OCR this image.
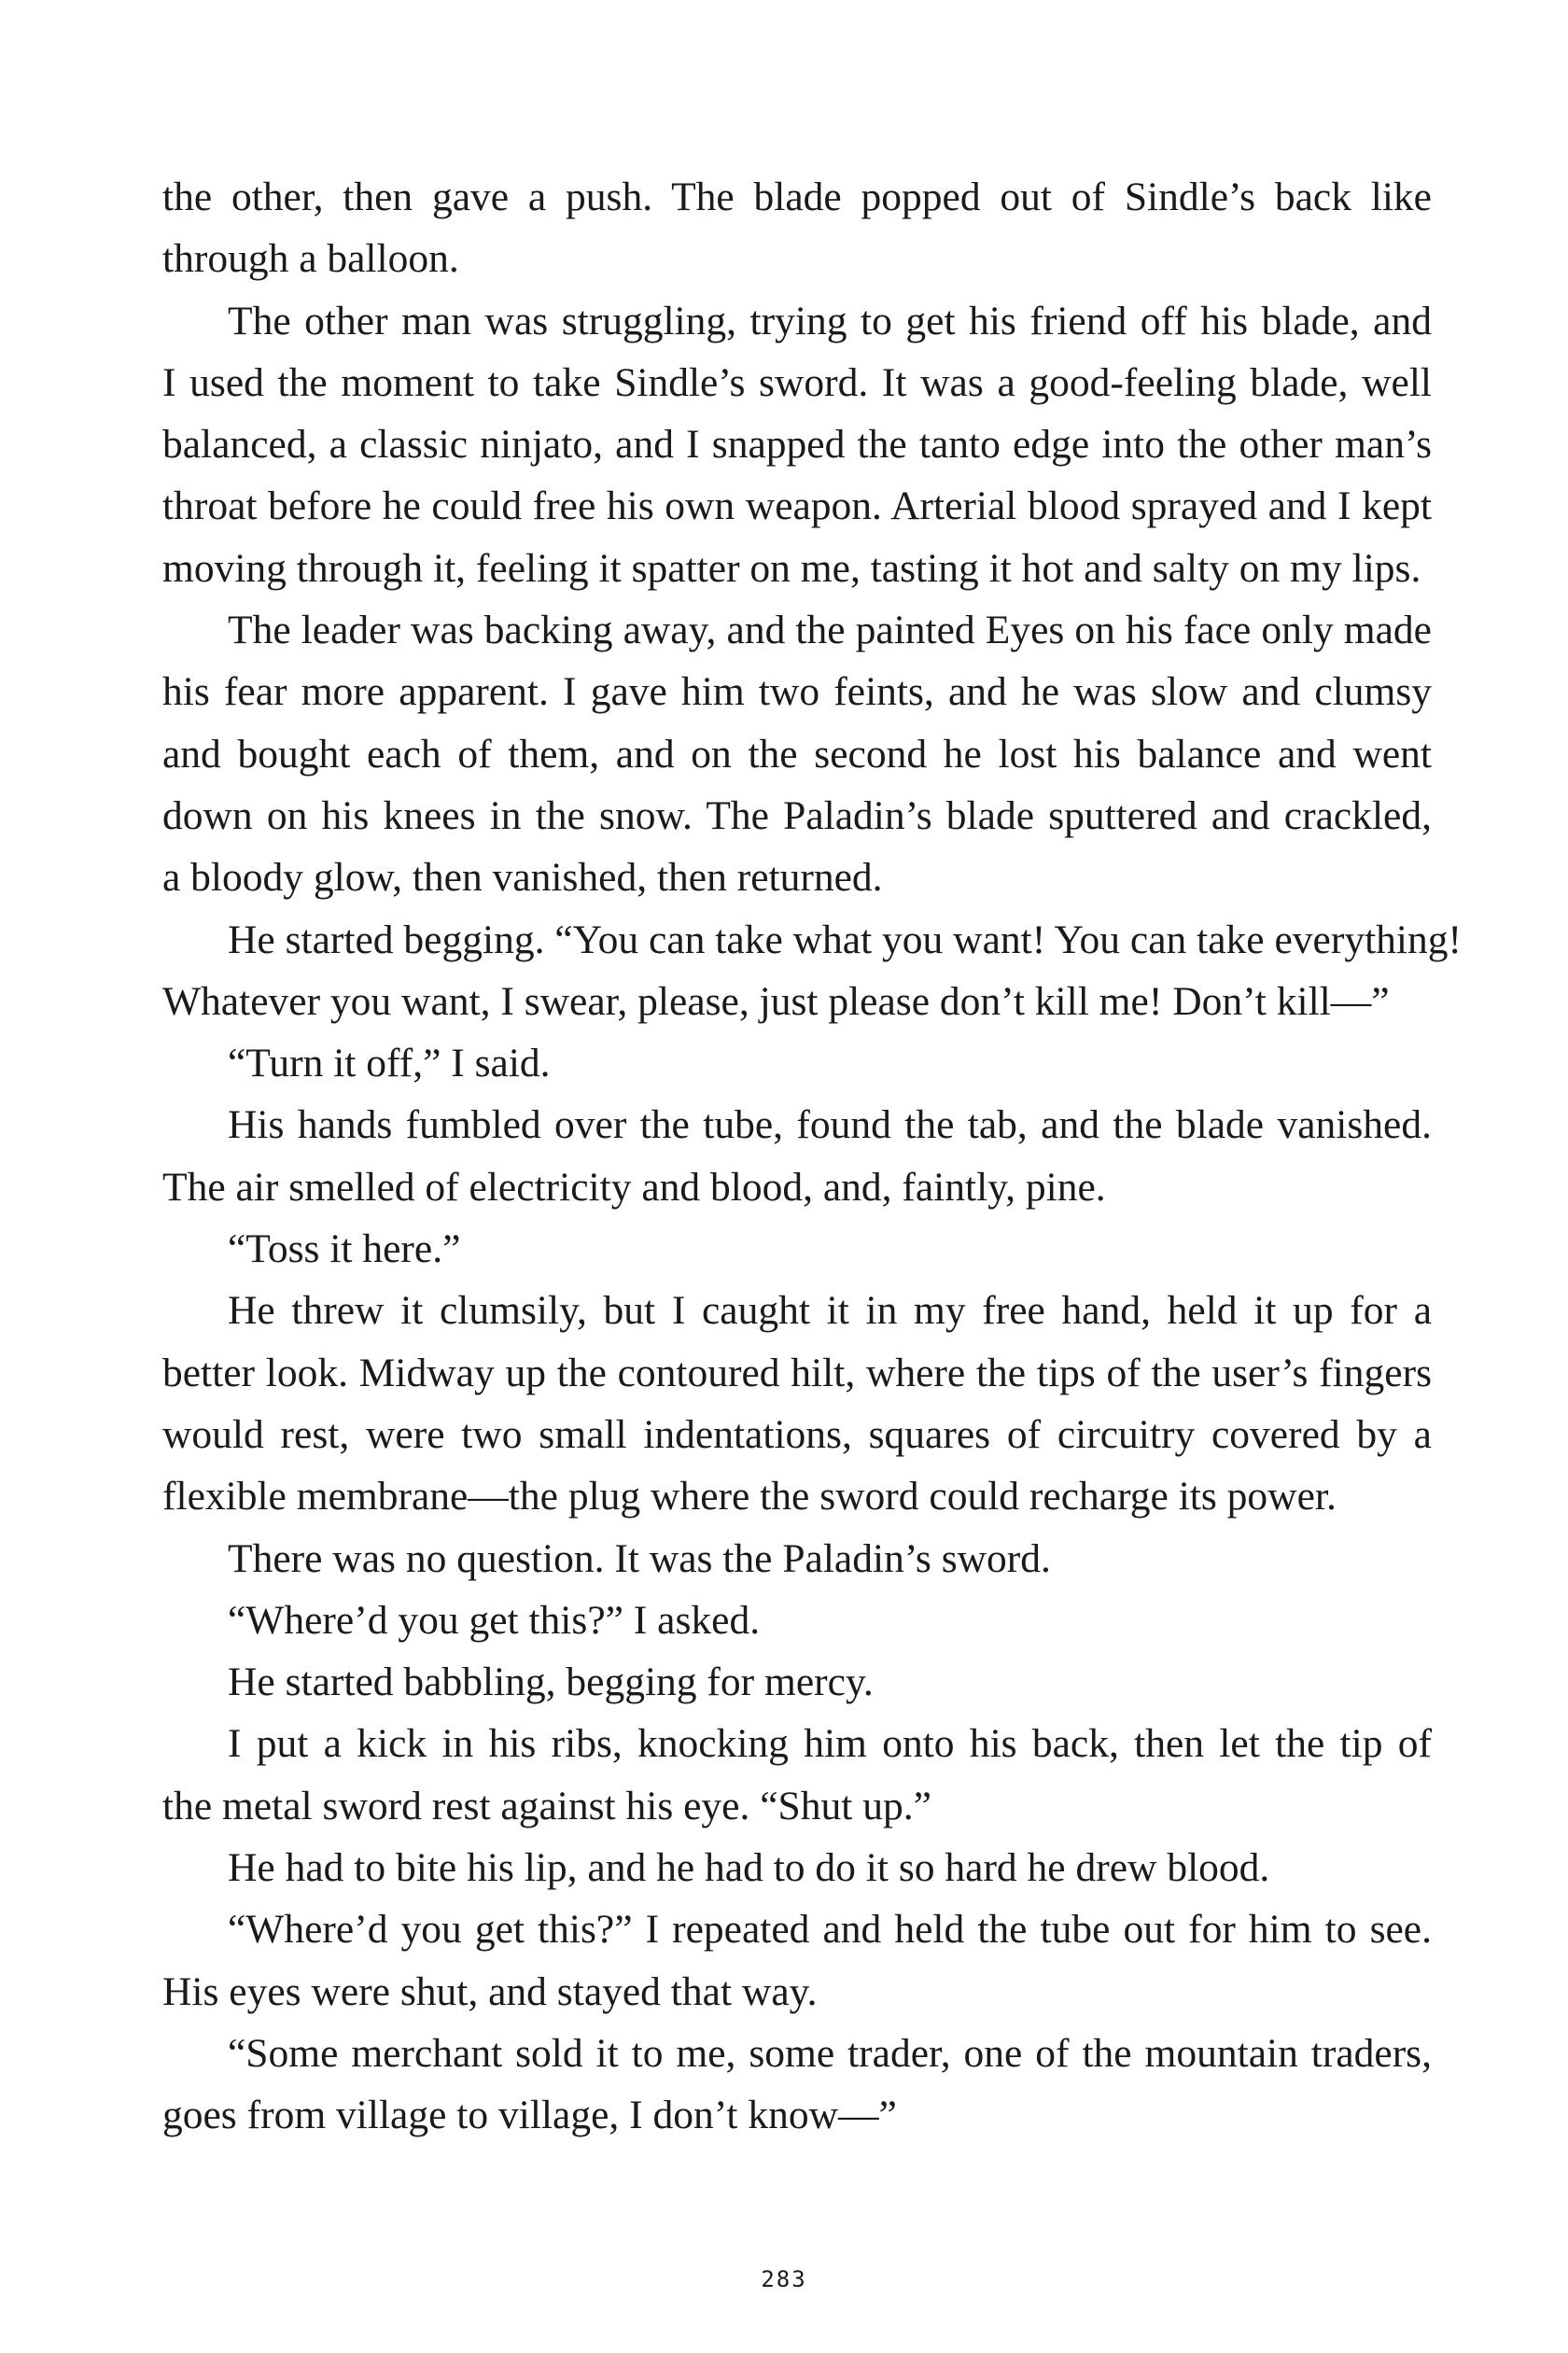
the other, then gave a push. The blade popped out of Sindle’s back like
through a balloon.
The other man was struggling, trying to get his friend off his blade, and
I used the moment to take Sindle’s sword. It was a good-feeling blade, well
balanced, a classic ninjato, and I snapped the tanto edge into the other man’s
throat before he could free his own weapon. Arterial blood sprayed and I kept
moving through it, feeling it spatter on me, tasting it hot and salty on my lips.
The leader was backing away, and the painted Eyes on his face only made
his fear more apparent. I gave him two feints, and he was slow and clumsy
and bought each of them, and on the second he lost his balance and went
down on his knees in the snow. The Paladin’s blade sputtered and crackled,
a bloody glow, then vanished, then returned.
He started begging. “You can take what you want! You can take everything!
Whatever you want, I swear, please, just please don’t kill me! Don’t kill—”
“Turn it off,” I said.
His hands fumbled over the tube, found the tab, and the blade vanished.
The air smelled of electricity and blood, and, faintly, pine.
“Toss it here.”
He threw it clumsily, but I caught it in my free hand, held it up for a
better look. Midway up the contoured hilt, where the tips of the user’s fingers
would rest, were two small indentations, squares of circuitry covered by a
flexible membrane—the plug where the sword could recharge its power.
There was no question. It was the Paladin’s sword.
“Where’d you get this?” I asked.
He started babbling, begging for mercy.
I put a kick in his ribs, knocking him onto his back, then let the tip of
the metal sword rest against his eye. “Shut up.”
He had to bite his lip, and he had to do it so hard he drew blood.
“Where’d you get this?” I repeated and held the tube out for him to see.
His eyes were shut, and stayed that way.
“Some merchant sold it to me, some trader, one of the mountain traders,
goes from village to village, I don’t know—”
283
